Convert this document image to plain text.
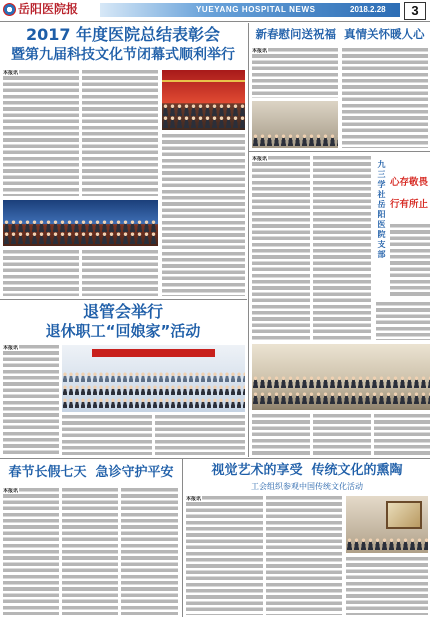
岳阳医院报	YUEYANG HOSPITAL NEWS	2018.2.28	3
2017 年度医院总结表彰会
暨第九届科技文化节闭幕式顺利举行
本报讯
新春慰问送祝福  真情关怀暖人心
本报讯
本报讯
九三学社岳阳医院支部 心存敬畏
行有所止
退管会举行
退休职工“回娘家”活动
本报讯
春节长假七天  急诊守护平安
本报讯
视觉艺术的享受  传统文化的熏陶
工会组织参观中国传统文化活动
本报讯
